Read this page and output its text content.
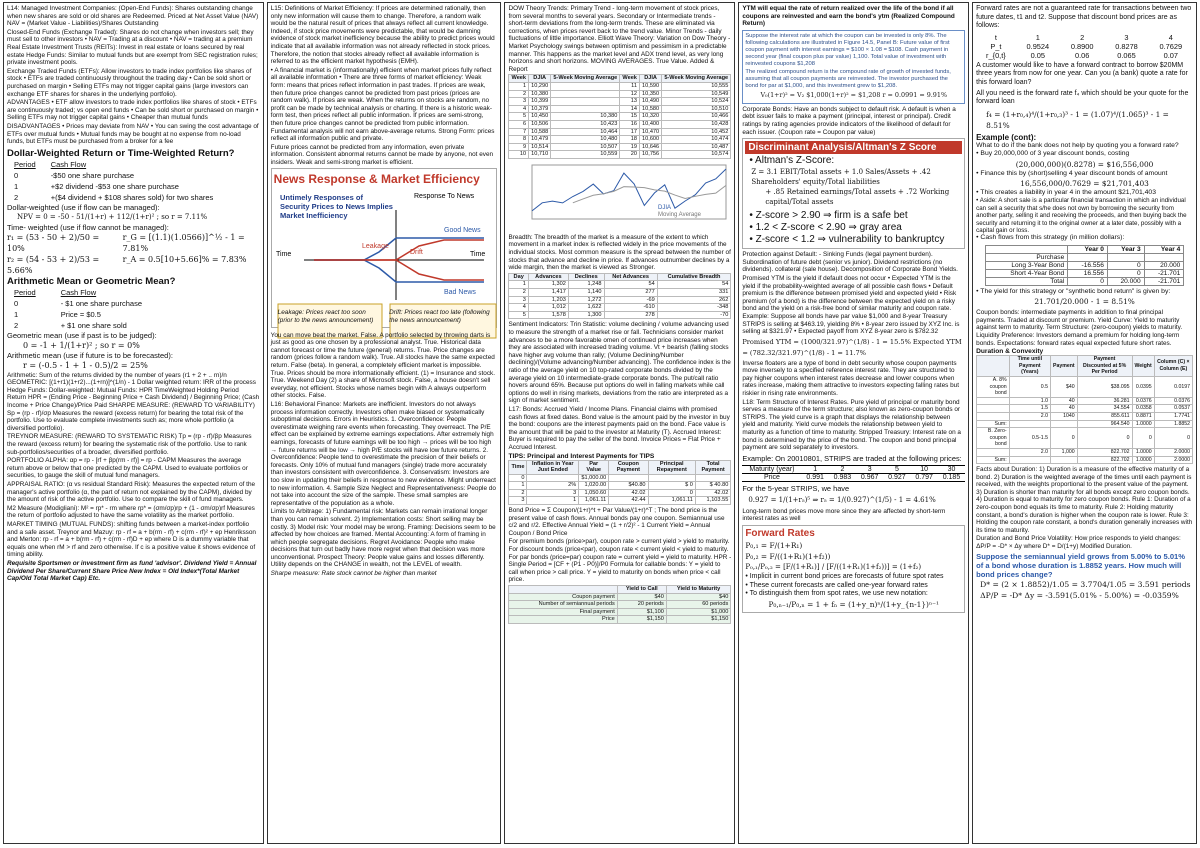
L14: Managed Investment Companies: (Open-End Funds): Shares outstanding change when new shares are sold or old shares are Redeemed. Priced at Net Asset Value (NAV) NAV = (Market Value - Liabilities)/Shares Outstanding

Closed-End Funds (Exchange Traded): Shares do not change when investors sell; they must sell to other investors • NAV = Trading at a discount • NAV = trading at a premium Real Estate Investment Trusts (REITs): Invest in real estate or loans secured by real estate Hedge Funds: Similar to mutual funds but are exempt from SEC registration rules; private investment pools.

Exchange Traded Funds (ETFs): Allow investors to trade index portfolios like shares of stock • ETFs are traded continuously throughout the trading day • Can be sold short or purchased on margin • Selling ETFs may not trigger capital gains (large investors can exchange ETF shares for shares in the underlying portfolio).

ADVANTAGES • ETF allow investors to trade index portfolios like shares of stock • ETFs are continuously traded; vs open end funds • Can be sold short or purchased on margin • Selling ETFs may not trigger capital gains • Cheaper than mutual funds

DISADVANTAGES • Prices may deviate from NAV • You can swing the cost advantage of ETFs over mutual funds • Mutual funds may be bought at no expense from no-load funds, but ETFs must be purchased from a broker for a fee

Dollar-Weighted Return or Time-Weighted Return?
Period	Cash Flow
0	-$50 one share purchase
1	+$2 dividend -$53 one share purchase
2	+($4 dividend + $108 shares sold) for two shares
Dollar-weighted (use if flow can be managed):
NPV = 0 = -50 - 51/(1+r) + 112/(1+r)² ; so r = 7.11%
Time- weighted (use if flow cannot be managed):
r₁ = (53 - 50 + 2)/50 = 10%
r₂ = (54 - 53 + 2)/53 = 5.66%
r_G = [(1.1)(1.0566)]^½ - 1 = 7.81%
r_A = 0.5[10+5.66]% = 7.83%
Arithmetic Mean or Geometric Mean?
Period	Cash Flow
0	- $1 one share purchase
1	Price = $0.5
2	+ $1 one share sold
Geometric mean (use if past is to be judged):
0 = -1 + 1/(1+r)² ; so r = 0%
Arithmetic mean (use if future is to be forecasted):
r = (-0.5 - 1 + 1 - 0.5)/2 = 25%

Arithmetic: Sum of the returns divided by the number of years (r1 + 2 + .. rn)/n GEOMETRIC: [(1+r1)(1+r2)...(1+rn)]^(1/n) - 1 Dollar weighted return: IRR of the process Hedge Funds: Dollar-weighted: Mutual Funds: HPR TimeWeighted Holding Period Return HPR = (Ending Price - Beginning Price + Cash Dividend) / Beginning Price; (Cash Income + Price Change)/Price Paid SHARPE MEASURE: (REWARD TO VARIABILITY) Sp = (rp - rf)/σp Measures the reward (excess return) for bearing the total risk of the portfolio. Use to evaluate complete investments such as; more whole portfolio (a diversified portfolio).

TREYNOR MEASURE: (REWARD TO SYSTEMATIC RISK) Tp = (rp - rf)/βp Measures the reward (excess return) for bearing the systematic risk of the portfolio. Use to rank sub-portfolios/securities of a broader, diversified portfolio.

PORTFOLIO ALPHA: αp = rp - [rf + βp(rm - rf)] = rp - CAPM Measures the average return above or below that one predicted by the CAPM. Used to evaluate portfolios or securities, to gauge the skill of mutual fund managers.

APPRAISAL RATIO: (α vs residual Standard Risk): Measures the expected return of the manager's active portfolio (α, the part of return not explained by the CAPM), divided by the amount of risk of the active portfolio. Use to compare the skill of fund managers.

M2 Measure (Modigliani): M² = rp* - rm where rp* = (σm/σp)rp + (1 - σm/σp)rf Measures the return of portfolio adjusted to have the same volatility as the market portfolio.

MARKET TIMING (MUTUAL FUNDS): shifting funds between a market-index portfolio and a safe asset. Treynor and Mazuy: rp - rf = a + b(rm - rf) + c(rm - rf)² + ep Henriksson and Merton: rp - rf = a + b(rm - rf) + c(rm - rf)D + ep where D is a dummy variable that equals one when rM > rf and zero otherwise. If c is a positive value it shows evidence of timing ability.

Requisite Sportsmen or investment firm as fund 'advisor'. Dividend Yield = Annual Dividend Per Share/Current Share Price New Index = Old Index*(Total Market Cap/Old Total Market Cap) Etc.

L15: Definitions of Market Efficiency: If prices are determined rationally, then only new information will cause them to change. Therefore, a random walk would be the natural result of prices that always reflect all current knowledge. Indeed, if stock price movements were predictable, that would be damning evidence of stock market inefficiency because the ability to predict prices would indicate that all available information was not already reflected in stock prices. Therefore, the notion that stocks already reflect all available information is referred to as the efficient market hypothesis (EMH).

• A financial market is (informationally) efficient when market prices fully reflect all available information • There are three forms of market efficiency: Weak form: means that prices reflect information in past trades. If prices are weak, then future price changes cannot be predicted from past prices (prices are random walk). If prices are weak. When the returns on stocks are random, no profit can be made by technical analysis or charting. If there is a historic weak-form test, then prices reflect all public information. If prices are semi-strong, then future price changes cannot be predicted from public information. Fundamental analysis will not earn above-average returns. Strong Form: prices reflect all information public and private.

Future prices cannot be predicted from any information, even private information. Consistent abnormal returns cannot be made by anyone, not even insiders. Weak and semi-strong market is efficient.

News Response & Market Efficiency
Untimely Responses of
Security Prices to News Implies
Market Inefficiency
Response To News
Time	Time
Good News
Bad News
Leakage
Drift
Leakage: Prices react too soon (prior to the news announcement)
Drift: Prices react too late (following the news announcement)

You can move beat the market. False. A portfolio selected by throwing darts is just as good as one chosen by a professional analyst. True. Historical data cannot forecast or time the future (general) returns. True. Price changes are random (prices follow a random walk). True. All stocks have the same expected return. False (beta). In general, a completely efficient market is impossible. True. Prices should be more informationally efficient. (1) = Insurance and stock. True. Weekend Day (2) a share of Microsoft stock. False, a house doesn't sell everyday, not efficient. Stocks whose names begin with A always outperform other stocks. False.

L16: Behavioral Finance: Markets are inefficient. Investors do not always process information correctly. Investors often make biased or systematically suboptimal decisions. Errors in Heuristics. 1. Overconfidence: People overestimate weighing rare events when forecasting. They overreact. The P/E effect can be explained by extreme earnings expectations. After extremely high earnings, forecasts of future earnings will be too high → prices will be too high → future returns will be low → high P/E stocks will have low future returns. 2. Overconfidence: People tend to overestimate the precision of their beliefs or forecasts. Only 10% of mutual fund managers (single) trade more accurately than investors consistent with overconfidence. 3. Conservatism: Investors are too slow in updating their beliefs in response to new evidence. Might underreact to new information. 4. Sample Size Neglect and Representativeness: People do not take into account the size of the sample. These small samples are representative of the population as a whole.

Limits to Arbitrage: 1) Fundamental risk: Markets can remain irrational longer than you can remain solvent. 2) Implementation costs: Short selling may be costly. 3) Model risk: Your model may be wrong. Framing: Decisions seem to be affected by how choices are framed. Mental Accounting: A form of framing in which people segregate decisions. Regret Avoidance: People who make decisions that turn out badly have more regret when that decision was more unconventional. Prospect Theory: People value gains and losses differently. Utility depends on the CHANGE in wealth, not the LEVEL of wealth.

Sharpe measure: Rate stock cannot be higher than market

DOW Theory Trends: Primary Trend - long-term movement of stock prices, from several months to several years. Secondary or Intermediate trends - short-term deviations from the long-term trends. These are eliminated via corrections, when prices revert back to the trend value. Minor Trends - daily fluctuations of little importance. Elliott Wave Theory: Variation on Dow Theory - Market Psychology swings between optimism and pessimism in a predictable manner. This happens as the market level and ADX trend level, as very long horizons and short horizons. MOVING AVERAGES. True Value. Added & Report

Week	DJIA	5-Week Moving Average	Week	DJIA	5-Week Moving Average
1	10,290		11	10,590	10,555
2	10,380		12	10,350	10,549
3	10,399		13	10,490	10,524
4	10,379		14	10,580	10,510
5	10,450	10,380	15	10,320	10,466
6	10,506	10,423	16	10,400	10,428
7	10,588	10,464	17	10,470	10,452
8	10,479	10,480	18	10,600	10,474
9	10,514	10,507	19	10,646	10,487
10	10,710	10,559	20	10,756	10,574
DJIA
Moving Average

Breadth: The breadth of the market is a measure of the extent to which movement in a market index is reflected widely in the price movements of the individual stocks. Most common measure is the spread between the number of stocks that advance and decline in price. If advances outnumber declines by a wide margin, then the market is viewed as Stronger.

Day	Advances	Declines	Net Advances	Cumulative Breadth
1	1,302	1,248	54	54
2	1,417	1,140	277	331
3	1,203	1,272	-69	262
4	1,012	1,622	-610	-348
5	1,578	1,300	278	-70

Sentiment Indicators: Trin Statistic: volume declining / volume advancing used to measure the strength of a market rise or fall. Technicians consider market advances to be a more favorable omen of continued price increases when they are associated with increased trading volume. Vt + bearish (falling stocks have higher avg volume than rally; (Volume Declining/Number declining)/(Volume advancing/Number advancing). The confidence index is the ratio of the average yield on 10 top-rated corporate bonds divided by the average yield on 10 intermediate-grade corporate bonds. The put/call ratio hovers around 65%. Because put options do well in falling markets while call options do well in rising markets, deviations from the ratio are interpreted as a sign of market sentiment.

L17: Bonds: Accrued Yield / Income Plans. Financial claims with promised cash flows at fixed dates. Bond value is the amount paid by the investor in buy the bond: coupons are the interest payments paid on the bond. Face value is the amount that will be paid to the investor at Maturity (T). Accrued Interest: Buyer is required to pay the seller of the bond. Invoice Prices = Flat Price + Accrued Interest.

TIPS: Principal and Interest Payments for TIPS
Time	Inflation in Year Just Ended	Par Value	Coupon Payment	Principal Repayment	Total Payment
0		$1,000.00			
1	2%	1,020.00	$40.80	$ 0	$ 40.80
2	3	1,050.60	42.02	0	42.02
3	1	1,061.11	42.44	1,061.11	1,103.55

Bond Price = Σ Coupon/(1+r)^t + Par Value/(1+r)^T ; The bond price is the present value of cash flows. Annual bonds pay one coupon. Semiannual use c/2 and r/2. Effective Annual Yield = (1 + r/2)² - 1 Current Yield = Annual Coupon / Bond Price

For premium bonds (price>par), coupon rate > current yield > yield to maturity. For discount bonds (price<par), coupon rate < current yield < yield to maturity. For par bonds (price=par) coupon rate = current yield = yield to maturity. HPR - Single Period = [CF + (P1 - P0)]/P0 Formula for callable bonds: Y = yield to call when price > call price. Y = yield to maturity on bonds when price < call price.

	Yield to Call	Yield to Maturity
Coupon payment	$40	$40
Number of semiannual periods	20 periods	60 periods
Final payment	$1,100	$1,000
Price	$1,150	$1,150

YTM will equal the rate of return realized over the life of the bond if all coupons are reinvested and earn the bond's ytm (Realized Compound Return)

Suppose the interest rate at which the coupon can be invested is only 8%. The following calculations are illustrated in Figure 14.5, Panel B: Future value of first coupon payment with interest earnings = $100 × 1.08 = $108. Cash payment in second year (final coupon plus par value) 1,100. Total value of investment with reinvested coupons $1,208
The realized compound return is the compound rate of growth of invested funds, assuming that all coupon payments are reinvested. The investor purchased the bond for par at $1,000, and this investment grew to $1,208.
V₀(1+r)² = V₂ $1,000(1+r)² = $1,208 r = 0.0991 = 9.91%

Corporate Bonds: Have an bonds subject to default risk. A default is when a debt issuer fails to make a payment (principal, interest or principal). Credit ratings by rating agencies provide indicators of the likelihood of default for each issuer. (Coupon rate = Coupon par value)

Discriminant Analysis/Altman's Z Score
• Altman's Z-Score:
Z = 3.1 EBIT/Total assets + 1.0 Sales/Assets + .42 Shareholders' equity/Total liabilities
+ .85 Retained earnings/Total assets + .72 Working capital/Total assets
• Z-score > 2.90 ⇒ firm is a safe bet
• 1.2 < Z-score < 2.90 ⇒ gray area
• Z-score < 1.2 ⇒ vulnerability to bankruptcy

Protection against Default: - Sinking Funds (legal payment burden). Subordination of future debt (senior vs junior). Dividend restrictions (no dividends). collateral (sale house). Decomposition of Corporate Bond Yields.

Promised YTM is the yield if default does not occur • Expected YTM is the yield if the probability-weighted average of all possible cash flows • Default premium is the difference between promised yield and expected yield • Risk premium (of a bond) is the difference between the expected yield on a risky bond and the yield on a risk-free bond of similar maturity and coupon rate. Example: Suppose all bonds have par value $1,000 and 8-year Treasury STRIPS is selling at $463.19, yielding 8% • 8-year zero issued by XYZ Inc. is selling at $321.97 • Expected payoff from XYZ 8-year zero is $782.32

Promised YTM = (1000/321.97)^(1/8) - 1 = 15.5% Expected YTM = (782.32/321.97)^(1/8) - 1 = 11.7%

Inverse floaters are a type of bond in debt security whose coupon payments move inversely to a specified reference interest rate. They are structured to pay higher coupons when interest rates decrease and lower coupons when rates increase, making them attractive to investors expecting falling rates but riskier in rising rate environments.

L18: Term Structure of Interest Rates. Pure yield of principal or maturity bond serves a measure of the term structure; also known as zero-coupon bonds or STRIPS. The yield curve is a graph that displays the relationship between yield and maturity. Yield curve models the relationship between yield to maturity as a function of time to maturity. Stripped Treasury: Interest rate on a bond is determined by the price of the bond. The coupon and bond principal payment are sold separately to investors.

Example: On 20010801, STRIPS are traded at the following prices:
Maturity (year)	1	2	3	5	10	30
Price	0.991	0.983	0.967	0.927	0.797	0.185
For the 5-year STRIPS, we have
0.927 = 1/(1+r₅)⁵ ⇒ r₅ = 1/(0.927)^(1/5) - 1 = 4.61%
Long-term bond prices move more since they are affected by short-term interest rates as well
Forward Rates
P₀,₁ = F/(1+R₁)
P₀,₂ = F/((1+R₁)(1+f₂))
P₀,₁/P₀,₂ = [F/(1+R₁)] / [F/((1+R₁)(1+f₂))] = (1+f₂)
• Implicit in current bond prices are forecasts of future spot rates
• These current forecasts are called one-year forward rates
• To distinguish them from spot rates, we use new notation:
P₀,ₙ₋₁/P₀,ₙ = 1 + fₙ = (1+y_n)ⁿ/(1+y_{n-1})ⁿ⁻¹
Forward rates are not a guaranteed rate for transactions between two future dates, t1 and t2. Suppose that discount bond prices are as follows:
t	1	2	3	4
P_t	0.9524	0.8900	0.8278	0.7629
r_{0,t}	0.05	0.06	0.065	0.07
A customer would like to have a forward contract to borrow $20MM three years from now for one year. Can you (a bank) quote a rate for this forward loan?
All you need is the forward rate f₄ which should be your quote for the forward loan
f₄ = (1+r₀,₄)⁴/(1+r₀,₃)³ - 1 = (1.07)⁴/(1.065)³ - 1 = 8.51%
Example (cont):
What to do if the bank does not help by quoting you a forward rate?
• Buy 20,000,000 of 3 year discount bonds, costing
(20,000,000)(0.8278) = $16,556,000
• Finance this by (short)selling 4 year discount bonds of amount
16,556,000/0.7629 = $21,701,403
• This creates a liability in year 4 in the amount $21,701,403
• Aside: A short sale is a particular financial transaction in which an individual can sell a security that s/he does not own by borrowing the security from another party, selling it and receiving the proceeds, and then buying back the security and returning it to the original owner at a later date, possibly with a capital gain or loss.
• Cash flows from this strategy (in million dollars):
	Year 0	Year 3	Year 4
Purchase			
Long 3-Year Bond	-16.556	0	20.000
Short 4-Year Bond	16.556	0	-21.701
Total	0	20.000	-21.701
• The yield for this strategy or "synthetic bond return" is given by:
21.701/20.000 - 1 = 8.51%

Coupon bonds: intermediate payments in addition to final principal payments. Traded at discount or premium. Yield Curve: Yield to maturity against term to maturity. Term Structure: (zero-coupon) yields to maturity. Liquidity Preference: Investors demand a premium for holding long-term bonds. Expectations: forward rates equal expected future short rates.

Duration & Convexity
	Time until Payment (Years)	Payment	Payment Discounted at 5% Per Period	Weight	Column (C) × Column (E)
A. 8% coupon bond	0.5	$40	$38.095	0.0395	0.0197
	1.0	40	36.281	0.0376	0.0376
	1.5	40	34.554	0.0358	0.0537
	2.0	1040	855.611	0.8871	1.7741
Sum:			964.540	1.0000	1.8852
B. Zero-coupon bond	0.5-1.5	0	0	0	0
	2.0	1,000	822.702	1.0000	2.0000
Sum:			822.702	1.0000	2.0000

Facts about Duration: 1) Duration is a measure of the effective maturity of a bond. 2) Duration is the weighted average of the times until each payment is received, with the weights proportional to the present value of the payment. 3) Duration is shorter than maturity for all bonds except zero coupon bonds. 4) Duration is equal to maturity for zero coupon bonds. Rule 1: Duration of a zero-coupon bond equals its time to maturity. Rule 2: Holding maturity constant, a bond's duration is higher when the coupon rate is lower. Rule 3: Holding the coupon rate constant, a bond's duration generally increases with its time to maturity.

Duration and Bond Price Volatility: How price responds to yield changes: ΔP/P = -D* × Δy where D* = D/(1+y) Modified Duration.

Suppose the semiannual yield grows from 5.00% to 5.01% of a bond whose duration is 1.8852 years. How much will bond prices change?
D* = (2 × 1.8852)/1.05 = 3.7704/1.05 = 3.591 periods
ΔP/P = -D* Δy = -3.591(5.01% - 5.00%) = -0.0359%
